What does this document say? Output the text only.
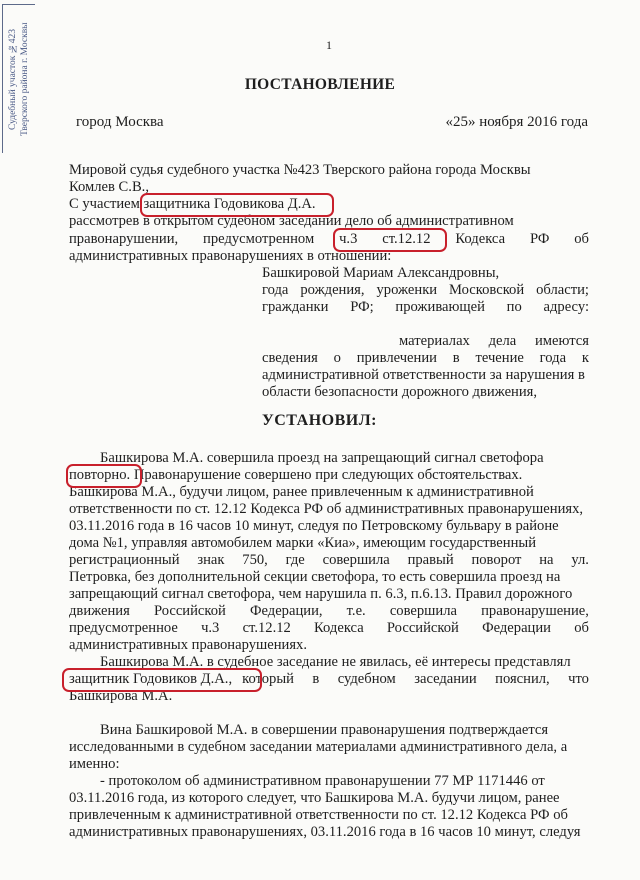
Судебный участок №423 Тверского района г. Москвы	1
ПОСТАНОВЛЕНИЕ
город Москва	«25» ноября 2016 года
Мировой судья судебного участка №423 Тверского района города Москвы
Комлев С.В.,
С участием защитника Годовикова Д.А.
рассмотрев в открытом судебном заседании дело об административном
правонарушении, предусмотренном ч.3 ст.12.12 Кодекса РФ об
административных правонарушениях в отношении:
Башкировой Мариам Александровны,
года рождения, уроженки Московской области;
гражданки РФ; проживающей по адресу:
материалах дела имеются
сведения о привлечении в течение года к
административной ответственности за нарушения в
области безопасности дорожного движения,
УСТАНОВИЛ:
Башкирова М.А. совершила проезд на запрещающий сигнал светофора
повторно. Правонарушение совершено при следующих обстоятельствах.
Башкирова М.А., будучи лицом, ранее привлеченным к административной
ответственности по ст. 12.12 Кодекса РФ об административных правонарушениях,
03.11.2016 года в 16 часов 10 минут, следуя по Петровскому бульвару в районе
дома №1, управляя автомобилем марки «Киа», имеющим государственный
регистрационный знак 750, где совершила правый поворот на ул.
Петровка, без дополнительной секции светофора, то есть совершила проезд на
запрещающий сигнал светофора, чем нарушила п. 6.3, п.6.13. Правил дорожного
движения Российской Федерации, т.е. совершила правонарушение,
предусмотренное ч.3 ст.12.12 Кодекса Российской Федерации об
административных правонарушениях.
Башкирова М.А. в судебное заседание не явилась, её интересы представлял
защитник Годовиков Д.А., который в судебном заседании пояснил, что
Башкирова М.А.
Вина Башкировой М.А. в совершении правонарушения подтверждается
исследованными в судебном заседании материалами административного дела, а
именно:
- протоколом об административном правонарушении 77 МР 1171446 от
03.11.2016 года, из которого следует, что Башкирова М.А. будучи лицом, ранее
привлеченным к административной ответственности по ст. 12.12 Кодекса РФ об
административных правонарушениях, 03.11.2016 года в 16 часов 10 минут, следуя
